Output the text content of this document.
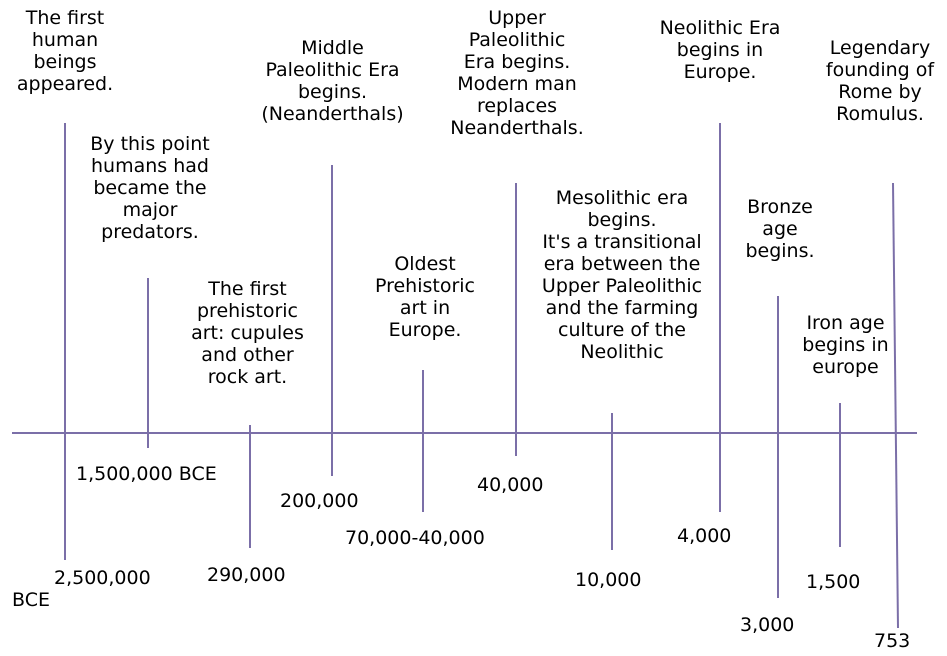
The first
human
beings
appeared.
By this point
humans had
became the
major
predators.
The first
prehistoric
art: cupules
and other
rock art.
Middle
Paleolithic Era
begins.
(Neanderthals)
Oldest
Prehistoric
art in
Europe.
Upper
Paleolithic
Era begins.
Modern man
replaces
Neanderthals.
Mesolithic era
begins.
It's a transitional
era between the
Upper Paleolithic
and the farming
culture of the
Neolithic
Neolithic Era
begins in
Europe.
Bronze
age
begins.
Iron age
begins in
europe
Legendary
founding of
Rome by
Romulus.
2,500,000
BCE
1,500,000 BCE
290,000
200,000
70,000-40,000
40,000
10,000
4,000
3,000
1,500
753
